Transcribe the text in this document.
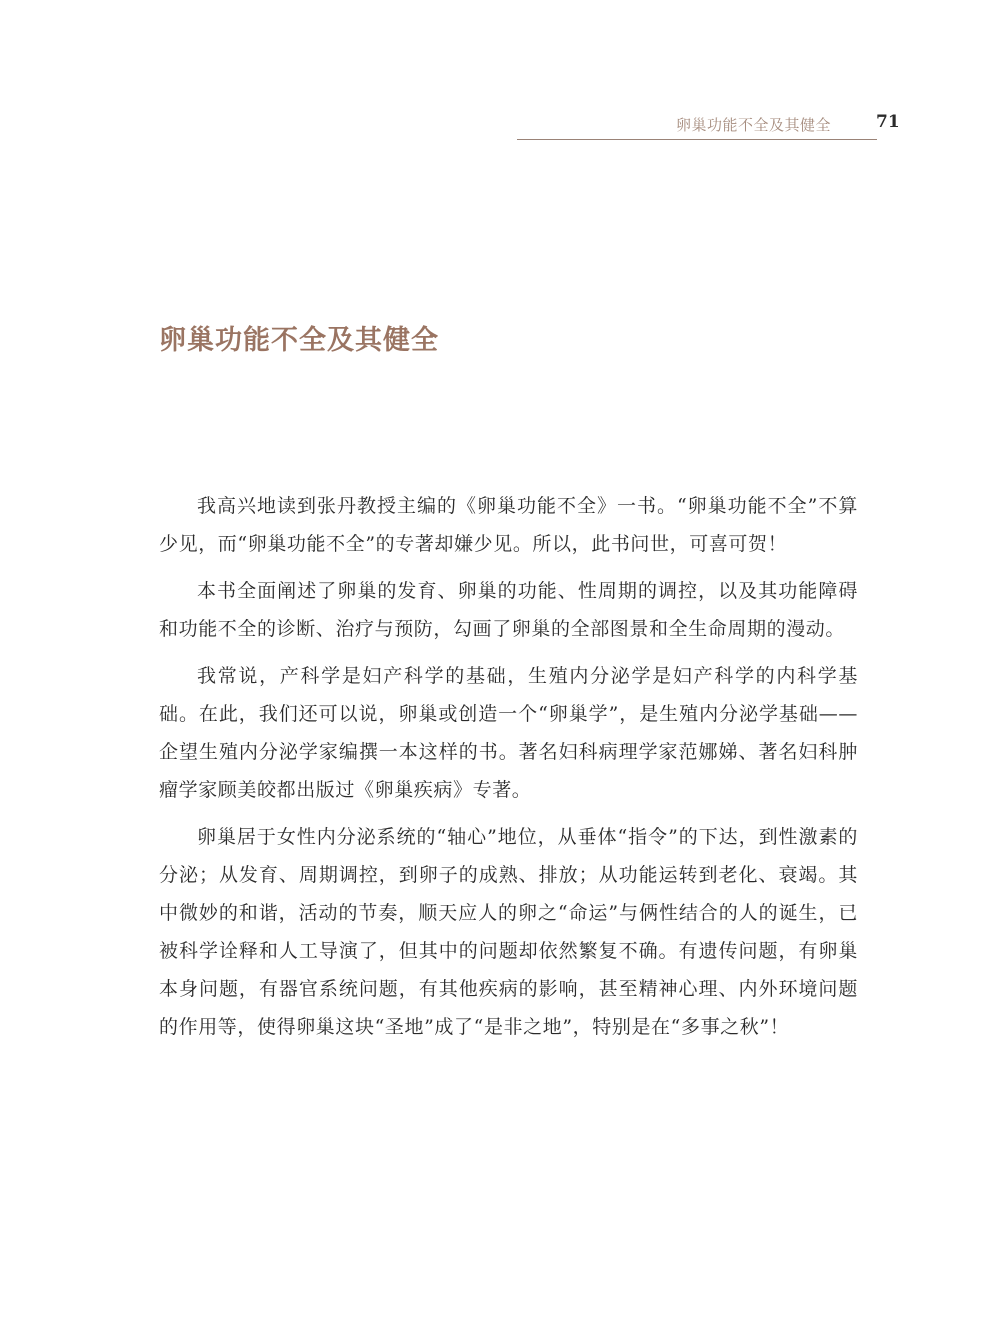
卵巢功能不全及其健全	71
卵巢功能不全及其健全

我高兴地读到张丹教授主编的《卵巢功能不全》一书。“卵巢功能不全”不算少见，而“卵巢功能不全”的专著却嫌少见。所以，此书问世，可喜可贺！

本书全面阐述了卵巢的发育、卵巢的功能、性周期的调控，以及其功能障碍和功能不全的诊断、治疗与预防，勾画了卵巢的全部图景和全生命周期的漫动。

我常说，产科学是妇产科学的基础，生殖内分泌学是妇产科学的内科学基础。在此，我们还可以说，卵巢或创造一个“卵巢学”，是生殖内分泌学基础——企望生殖内分泌学家编撰一本这样的书。著名妇科病理学家范娜娣、著名妇科肿瘤学家顾美皎都出版过《卵巢疾病》专著。

卵巢居于女性内分泌系统的“轴心”地位，从垂体“指令”的下达，到性激素的分泌；从发育、周期调控，到卵子的成熟、排放；从功能运转到老化、衰竭。其中微妙的和谐，活动的节奏，顺天应人的卵之“命运”与俩性结合的人的诞生，已被科学诠释和人工导演了，但其中的问题却依然繁复不确。有遗传问题，有卵巢本身问题，有器官系统问题，有其他疾病的影响，甚至精神心理、内外环境问题的作用等，使得卵巢这块“圣地”成了“是非之地”，特别是在“多事之秋”！
